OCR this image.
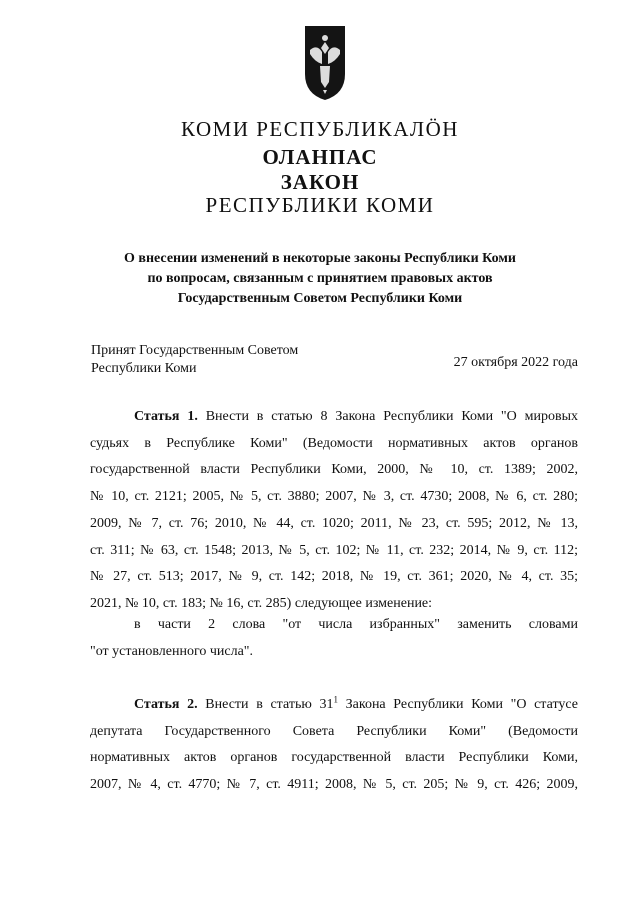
КОМИ РЕСПУБЛИКАЛӦН
ОЛАНПАС
ЗАКОН
РЕСПУБЛИКИ КОМИ
О внесении изменений в некоторые законы Республики Коми
по вопросам, связанным с принятием правовых актов
Государственным Советом Республики Коми
Принят Государственным Советом
Республики Коми	27 октября 2022 года
Статья 1. Внести в статью 8 Закона Республики Коми "О мировых
судьях в Республике Коми" (Ведомости нормативных актов органов
государственной власти Республики Коми, 2000, № 10, ст. 1389; 2002,
№ 10, ст. 2121; 2005, № 5, ст. 3880; 2007, № 3, ст. 4730; 2008, № 6, ст. 280;
2009, № 7, ст. 76; 2010, № 44, ст. 1020; 2011, № 23, ст. 595; 2012, № 13,
ст. 311; № 63, ст. 1548; 2013, № 5, ст. 102; № 11, ст. 232; 2014, № 9, ст. 112;
№ 27, ст. 513; 2017, № 9, ст. 142; 2018, № 19, ст. 361; 2020, № 4, ст. 35;
2021, № 10, ст. 183; № 16, ст. 285) следующее изменение:
в части 2 слова "от числа избранных" заменить словами
"от установленного числа".
Статья 2. Внести в статью $31^1$ Закона Республики Коми "О статусе
депутата Государственного Совета Республики Коми" (Ведомости
нормативных актов органов государственной власти Республики Коми,
2007, № 4, ст. 4770; № 7, ст. 4911; 2008, № 5, ст. 205; № 9, ст. 426; 2009,
